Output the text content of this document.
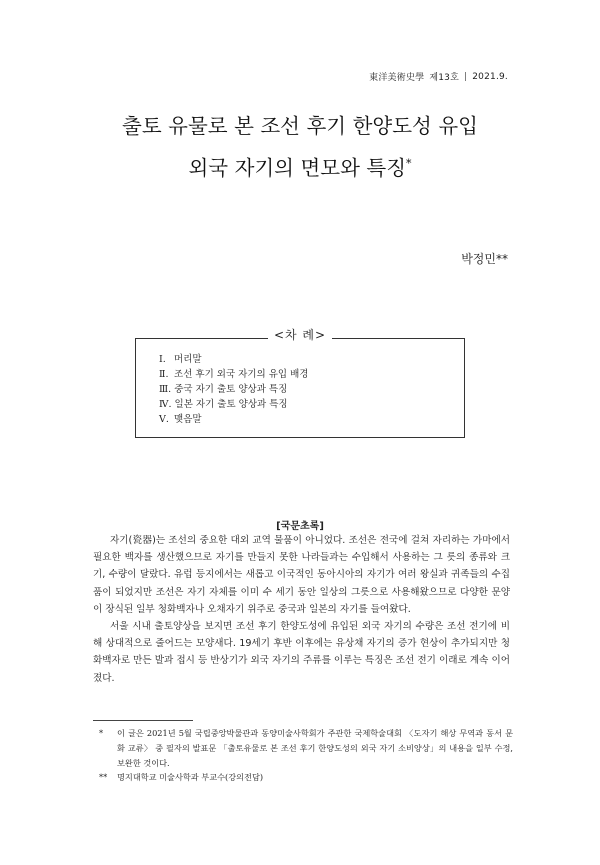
東洋美術史學 제13호 | 2021.9.
출토 유물로 본 조선 후기 한양도성 유입
외국 자기의 면모와 특징*
박정민**
<차 례>
Ⅰ. 머리말
Ⅱ. 조선 후기 외국 자기의 유입 배경
Ⅲ. 중국 자기 출토 양상과 특징
Ⅳ. 일본 자기 출토 양상과 특징
Ⅴ. 맺음말
[국문초록]

자기(瓷器)는 조선의 중요한 대외 교역 물품이 아니었다. 조선은 전국에 걸쳐 자리하는 가마에서 필요한 백자를 생산했으므로 자기를 만들지 못한 나라들과는 수입해서 사용하는 그 릇의 종류와 크기, 수량이 달랐다. 유럽 등지에서는 새롭고 이국적인 동아시아의 자기가 여러 왕실과 귀족들의 수집품이 되었지만 조선은 자기 자체를 이미 수 세기 동안 일상의 그릇으로 사용해왔으므로 다양한 문양이 장식된 일부 청화백자나 오채자기 위주로 중국과 일본의 자기를 들여왔다.

서울 시내 출토양상을 보지면 조선 후기 한양도성에 유입된 외국 자기의 수량은 조선 전기에 비해 상대적으로 줄어드는 모양새다. 19세기 후반 이후에는 유상채 자기의 증가 현상이 추가되지만 청화백자로 만든 발과 접시 등 반상기가 외국 자기의 주류를 이루는 특징은 조선 전기 이래로 계속 이어졌다.

*	이 글은 2021년 5월 국립중앙박물관과 동양미술사학회가 주관한 국제학술대회 〈도자기 해상 무역과 동서 문화 교류〉 중 필자의 발표문 「출토유물로 본 조선 후기 한양도성의 외국 자기 소비양상」의 내용을 일부 수정, 보완한 것이다.
**	명지대학교 미술사학과 부교수(강의전담)
